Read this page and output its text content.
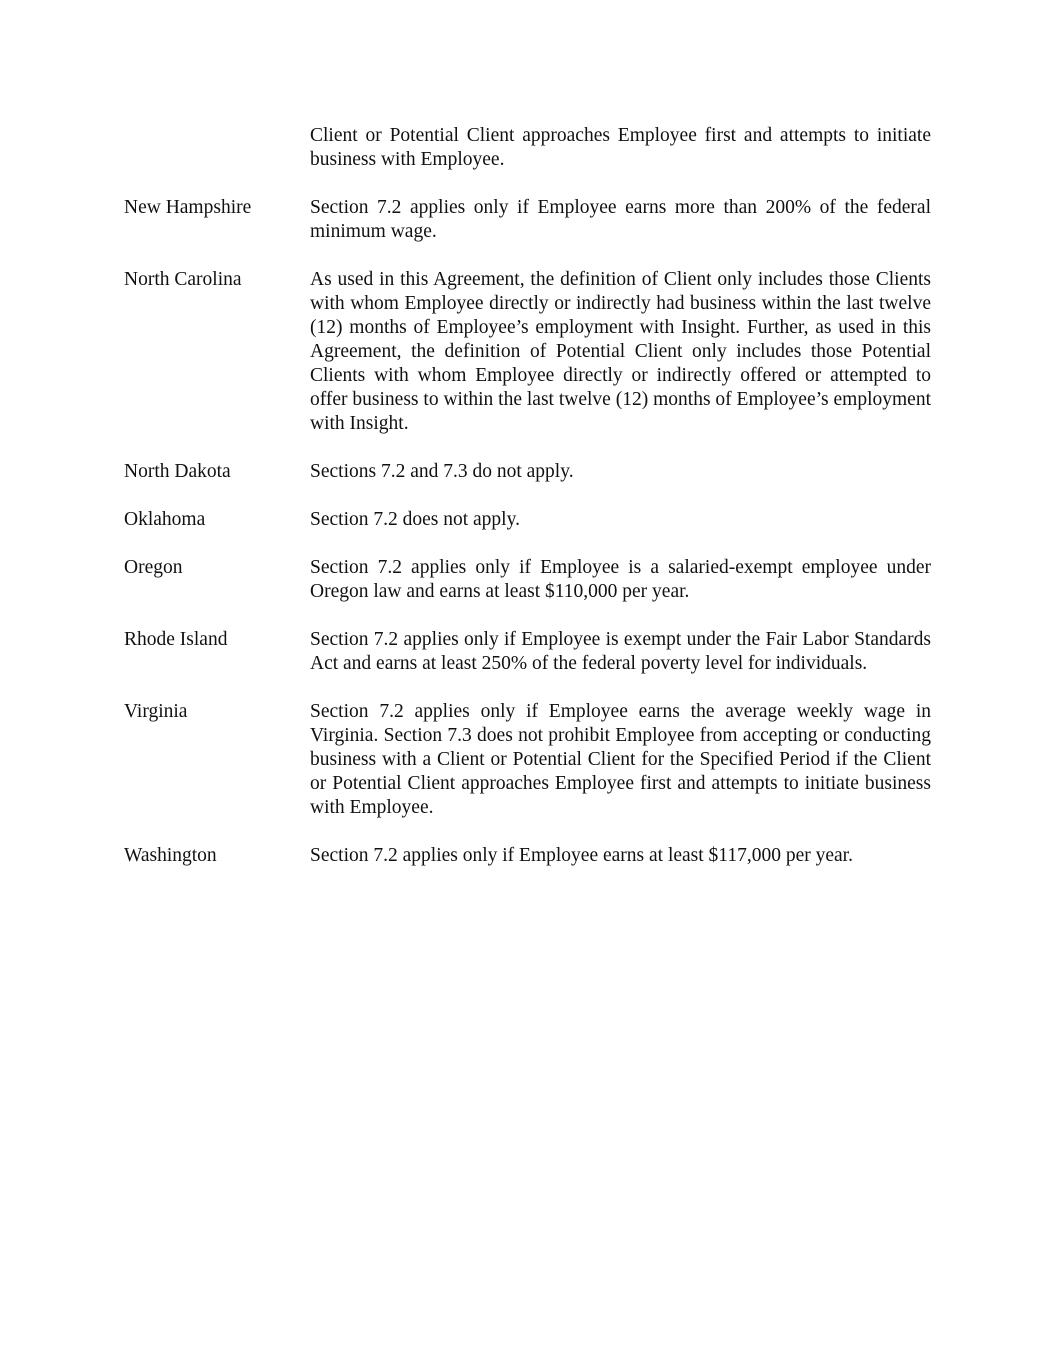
Client or Potential Client approaches Employee first and attempts to initiate business with Employee.
New Hampshire	Section 7.2 applies only if Employee earns more than 200% of the federal minimum wage.
North Carolina	As used in this Agreement, the definition of Client only includes those Clients with whom Employee directly or indirectly had business within the last twelve (12) months of Employee’s employment with Insight. Further, as used in this Agreement, the definition of Potential Client only includes those Potential Clients with whom Employee directly or indirectly offered or attempted to offer business to within the last twelve (12) months of Employee’s employment with Insight.
North Dakota	Sections 7.2 and 7.3 do not apply.
Oklahoma	Section 7.2 does not apply.
Oregon	Section 7.2 applies only if Employee is a salaried-exempt employee under Oregon law and earns at least $110,000 per year.
Rhode Island	Section 7.2 applies only if Employee is exempt under the Fair Labor Standards Act and earns at least 250% of the federal poverty level for individuals.
Virginia	Section 7.2 applies only if Employee earns the average weekly wage in Virginia. Section 7.3 does not prohibit Employee from accepting or conducting business with a Client or Potential Client for the Specified Period if the Client or Potential Client approaches Employee first and attempts to initiate business with Employee.
Washington	Section 7.2 applies only if Employee earns at least $117,000 per year.
